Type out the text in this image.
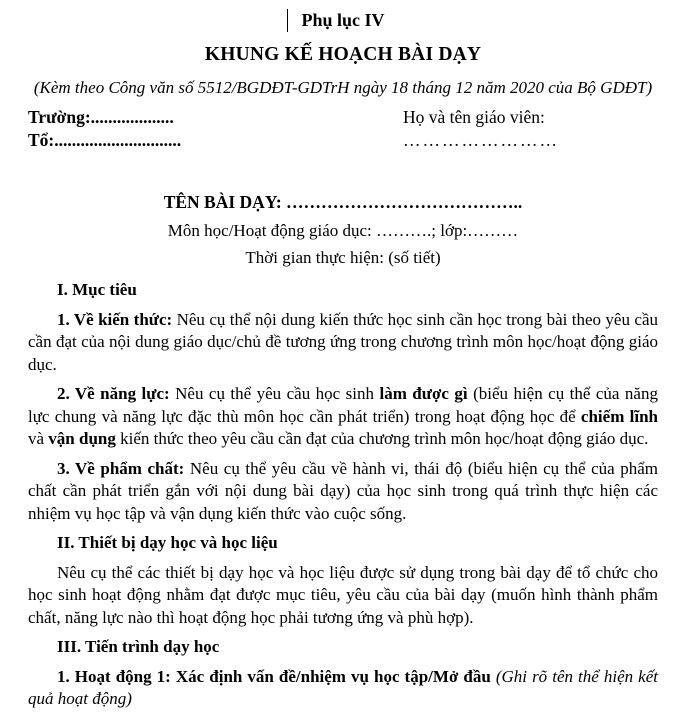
Phụ lục IV

KHUNG KẾ HOẠCH BÀI DẠY

(Kèm theo Công văn số 5512/BGDĐT-GDTrH ngày 18 tháng 12 năm 2020 của Bộ GDĐT)

Trường:...................

Tổ:.............................

Họ và tên giáo viên:

……………………

TÊN BÀI DẠY: …………………………………..

Môn học/Hoạt động giáo dục: ……….; lớp:………

Thời gian thực hiện: (số tiết)

I. Mục tiêu

1. Về kiến thức: Nêu cụ thể nội dung kiến thức học sinh cần học trong bài theo yêu cầu cần đạt của nội dung giáo dục/chủ đề tương ứng trong chương trình môn học/hoạt động giáo dục.

2. Về năng lực: Nêu cụ thể yêu cầu học sinh làm được gì (biểu hiện cụ thể của năng lực chung và năng lực đặc thù môn học cần phát triển) trong hoạt động học để chiếm lĩnh và vận dụng kiến thức theo yêu cầu cần đạt của chương trình môn học/hoạt động giáo dục.

3. Về phẩm chất: Nêu cụ thể yêu cầu về hành vi, thái độ (biểu hiện cụ thể của phẩm chất cần phát triển gắn với nội dung bài dạy) của học sinh trong quá trình thực hiện các nhiệm vụ học tập và vận dụng kiến thức vào cuộc sống.

II. Thiết bị dạy học và học liệu

Nêu cụ thể các thiết bị dạy học và học liệu được sử dụng trong bài dạy để tổ chức cho học sinh hoạt động nhằm đạt được mục tiêu, yêu cầu của bài dạy (muốn hình thành phẩm chất, năng lực nào thì hoạt động học phải tương ứng và phù hợp).

III. Tiến trình dạy học

1. Hoạt động 1: Xác định vấn đề/nhiệm vụ học tập/Mở đầu (Ghi rõ tên thể hiện kết quả hoạt động)
